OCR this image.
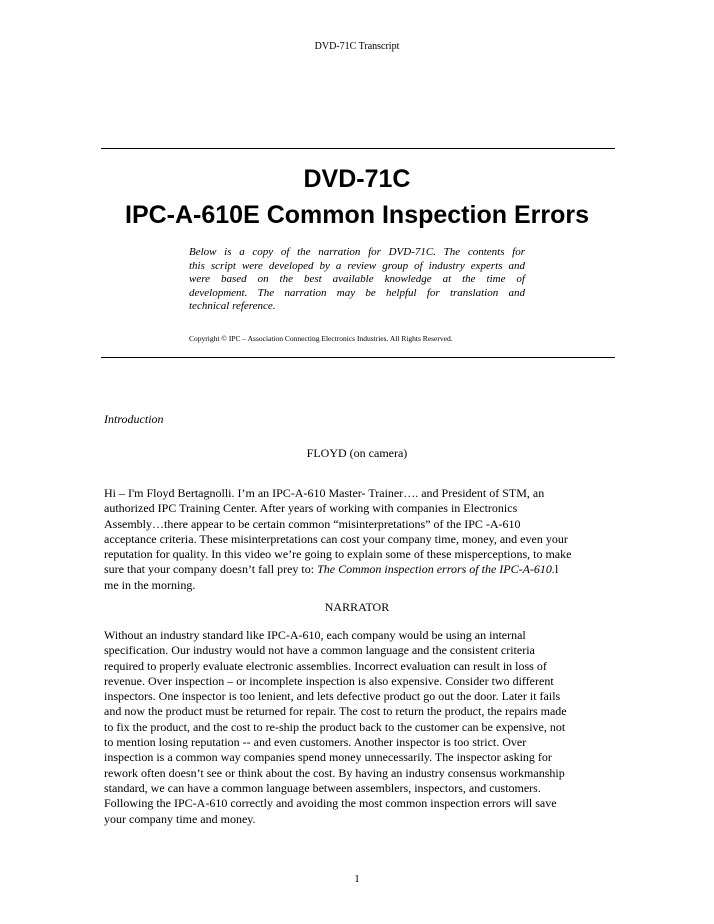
DVD-71C Transcript
DVD-71C
IPC-A-610E Common Inspection Errors
Below is a copy of the narration for DVD-71C. The contents for
this script were developed by a review group of industry experts and
were based on the best available knowledge at the time of
development. The narration may be helpful for translation and
technical reference.
Copyright © IPC – Association Connecting Electronics Industries. All Rights Reserved.
Introduction
FLOYD (on camera)
Hi – I'm Floyd Bertagnolli. I’m an IPC-A-610 Master- Trainer…. and President of STM, an
authorized IPC Training Center. After years of working with companies in Electronics
Assembly…there appear to be certain common “misinterpretations” of the IPC -A-610
acceptance criteria. These misinterpretations can cost your company time, money, and even your
reputation for quality. In this video we’re going to explain some of these misperceptions, to make
sure that your company doesn’t fall prey to: The Common inspection errors of the IPC-A-610.l
me in the morning.
NARRATOR
Without an industry standard like IPC-A-610, each company would be using an internal
specification. Our industry would not have a common language and the consistent criteria
required to properly evaluate electronic assemblies. Incorrect evaluation can result in loss of
revenue. Over inspection – or incomplete inspection is also expensive. Consider two different
inspectors. One inspector is too lenient, and lets defective product go out the door. Later it fails
and now the product must be returned for repair. The cost to return the product, the repairs made
to fix the product, and the cost to re-ship the product back to the customer can be expensive, not
to mention losing reputation -- and even customers. Another inspector is too strict. Over
inspection is a common way companies spend money unnecessarily. The inspector asking for
rework often doesn’t see or think about the cost. By having an industry consensus workmanship
standard, we can have a common language between assemblers, inspectors, and customers.
Following the IPC-A-610 correctly and avoiding the most common inspection errors will save
your company time and money.
1
